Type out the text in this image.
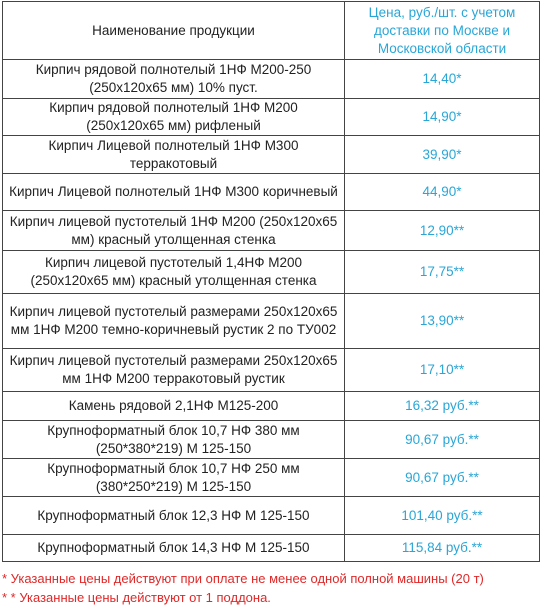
Наименование продукции	Цена, руб./шт. с учетом доставки по Москве и Московской области
Кирпич рядовой полнотелый 1НФ М200-250 (250х120х65 мм) 10% пуст.	14,40*
Кирпич рядовой полнотелый 1НФ М200 (250х120х65 мм) рифленый	14,90*
Кирпич Лицевой полнотелый 1НФ М300 терракотовый	39,90*
Кирпич Лицевой полнотелый 1НФ М300 коричневый	44,90*
Кирпич лицевой пустотелый 1НФ М200 (250х120х65 мм) красный утолщенная стенка	12,90**
Кирпич лицевой пустотелый 1,4НФ М200 (250х120х65 мм) красный утолщенная стенка	17,75**
Кирпич лицевой пустотелый размерами 250х120х65 мм 1НФ М200 темно-коричневый рустик 2 по ТУ002	13,90**
Кирпич лицевой пустотелый размерами 250х120х65 мм 1НФ М200 терракотовый рустик	17,10**
Камень рядовой 2,1НФ М125-200	16,32 руб.**
Крупноформатный блок 10,7 НФ 380 мм (250*380*219) М 125-150	90,67 руб.**
Крупноформатный блок 10,7 НФ 250 мм (380*250*219) М 125-150	90,67 руб.**
Крупноформатный блок 12,3 НФ М 125-150	101,40 руб.**
Крупноформатный блок 14,3 НФ М 125-150	115,84 руб.**
* Указанные цены действуют при оплате не менее одной полной машины (20 т)
* * Указанные цены действуют от 1 поддона.
